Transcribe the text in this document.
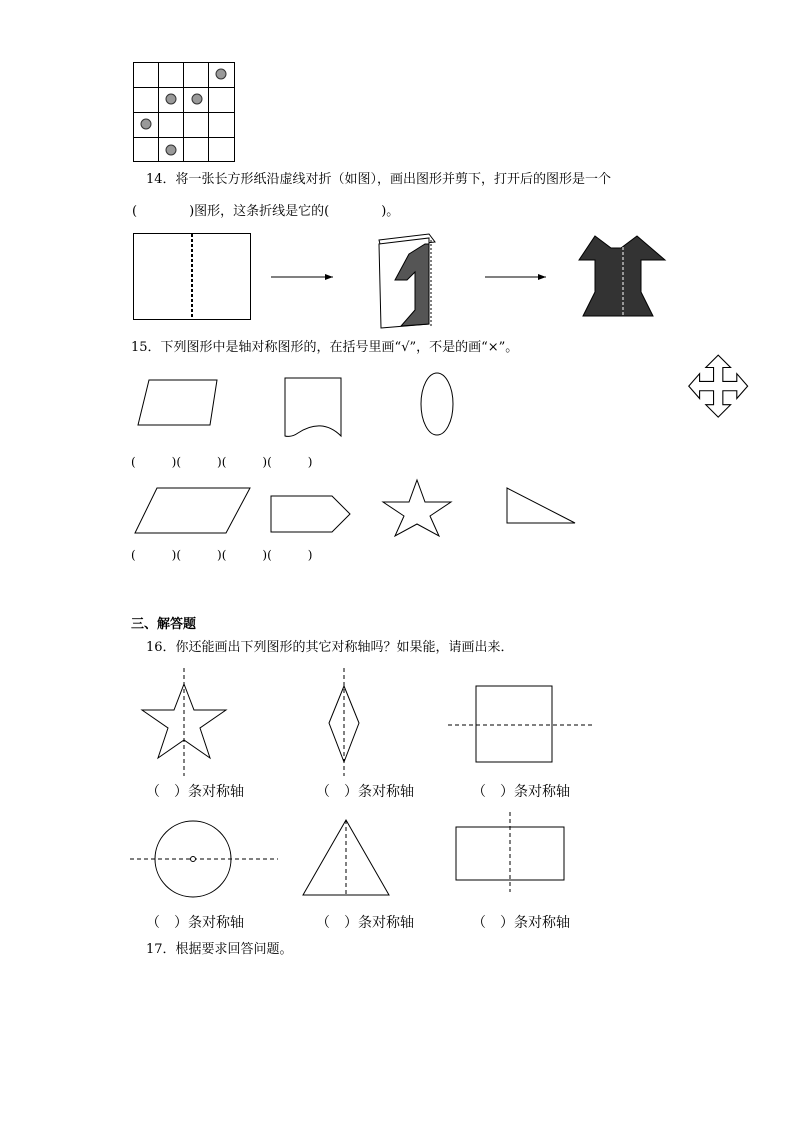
14．将一张长方形纸沿虚线对折（如图），画出图形并剪下，打开后的图形是一个
(　　　　)图形，这条折线是它的(　　　　)。
15．下列图形中是轴对称图形的，在括号里画“√”，不是的画“×”。
(　　　)(　　　)(　　　)(　　　)
(　　　)(　　　)(　　　)(　　　)
三、解答题
16．你还能画出下列图形的其它对称轴吗？如果能，请画出来．
（　）条对称轴	（　）条对称轴	（　）条对称轴
（　）条对称轴	（　）条对称轴	（　）条对称轴
17．根据要求回答问题。
